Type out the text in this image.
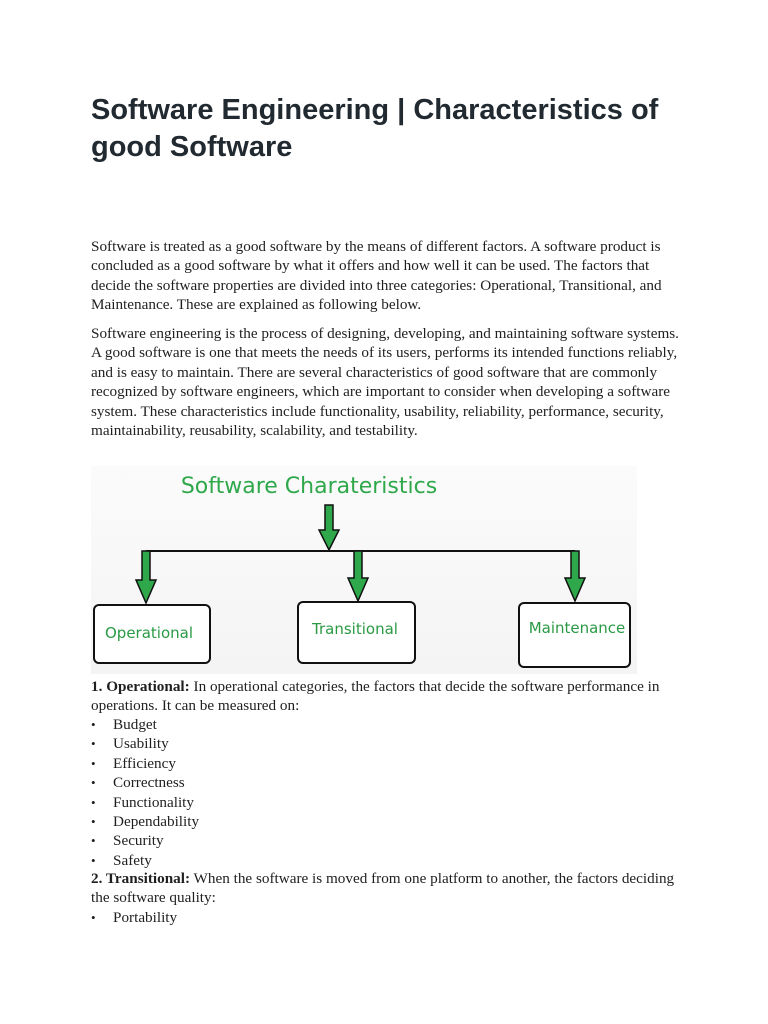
Software Engineering | Characteristics of good Software

Software is treated as a good software by the means of different factors. A software product is concluded as a good software by what it offers and how well it can be used. The factors that decide the software properties are divided into three categories: Operational, Transitional, and Maintenance. These are explained as following below.

Software engineering is the process of designing, developing, and maintaining software systems. A good software is one that meets the needs of its users, performs its intended functions reliably, and is easy to maintain. There are several characteristics of good software that are commonly recognized by software engineers, which are important to consider when developing a software system. These characteristics include functionality, usability, reliability, performance, security, maintainability, reusability, scalability, and testability.

Software Charateristics
Operational	Transitional	Maintenance

1. Operational: In operational categories, the factors that decide the software performance in operations. It can be measured on:

• Budget
• Usability
• Efficiency
• Correctness
• Functionality
• Dependability
• Security
• Safety

2. Transitional: When the software is moved from one platform to another, the factors deciding the software quality:

• Portability
